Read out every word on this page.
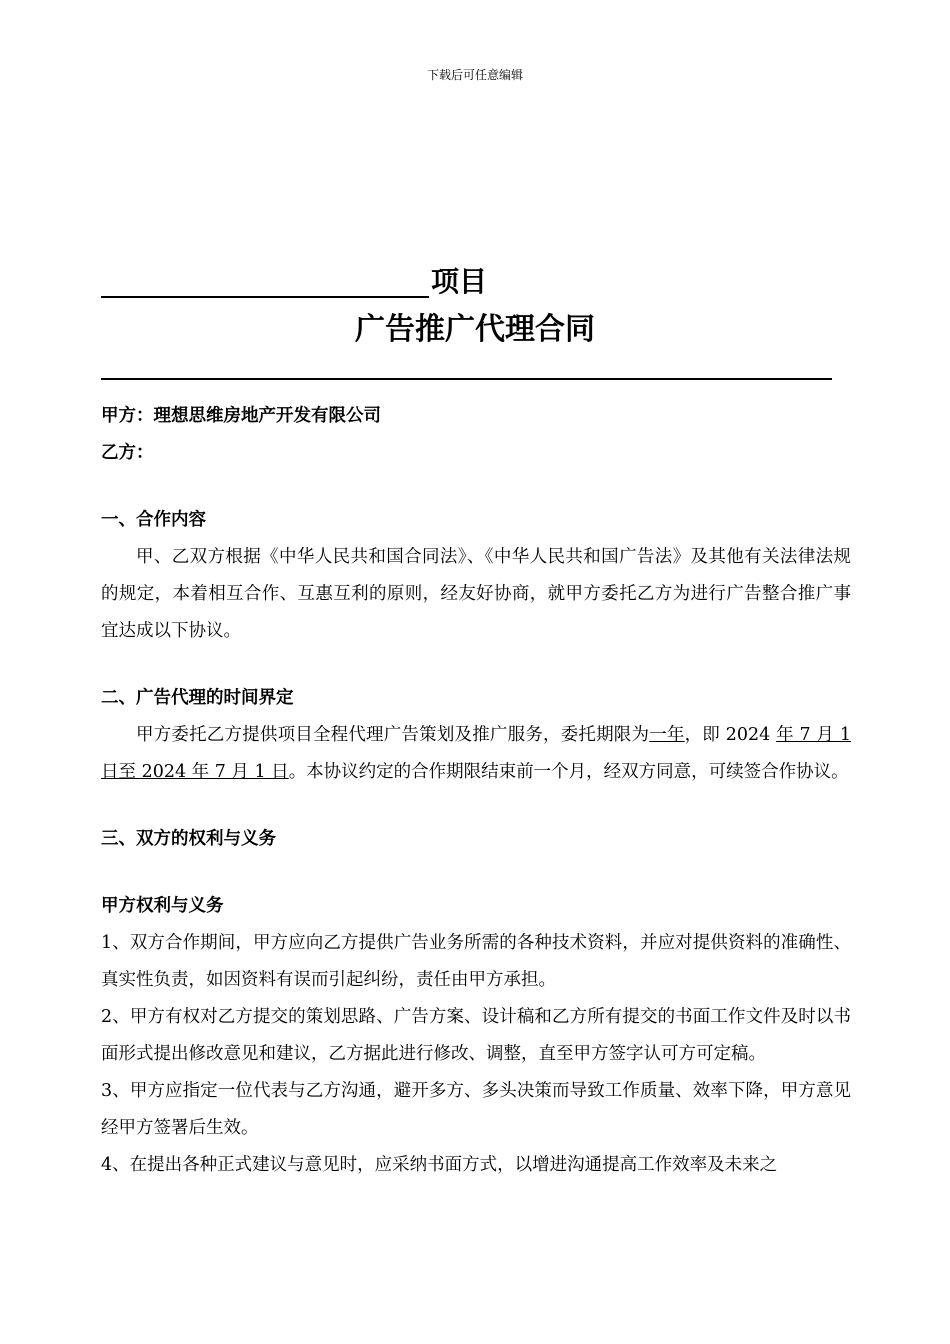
下载后可任意编辑
项目
广告推广代理合同

甲方：理想思维房地产开发有限公司

乙方：

一、合作内容

甲、乙双方根据《中华人民共和国合同法》、《中华人民共和国广告法》及其他有关法律法规的规定，本着相互合作、互惠互利的原则，经友好协商，就甲方委托乙方为进行广告整合推广事宜达成以下协议。

二、广告代理的时间界定

甲方委托乙方提供项目全程代理广告策划及推广服务，委托期限为一年，即 2024 年 7 月 1 日至 2024 年 7 月 1 日。本协议约定的合作期限结束前一个月，经双方同意，可续签合作协议。

三、双方的权利与义务

甲方权利与义务

1、双方合作期间，甲方应向乙方提供广告业务所需的各种技术资料，并应对提供资料的准确性、真实性负责，如因资料有误而引起纠纷，责任由甲方承担。

2、甲方有权对乙方提交的策划思路、广告方案、设计稿和乙方所有提交的书面工作文件及时以书面形式提出修改意见和建议，乙方据此进行修改、调整，直至甲方签字认可方可定稿。

3、甲方应指定一位代表与乙方沟通，避开多方、多头决策而导致工作质量、效率下降，甲方意见经甲方签署后生效。

4、在提出各种正式建议与意见时，应采纳书面方式，以增进沟通提高工作效率及未来之
